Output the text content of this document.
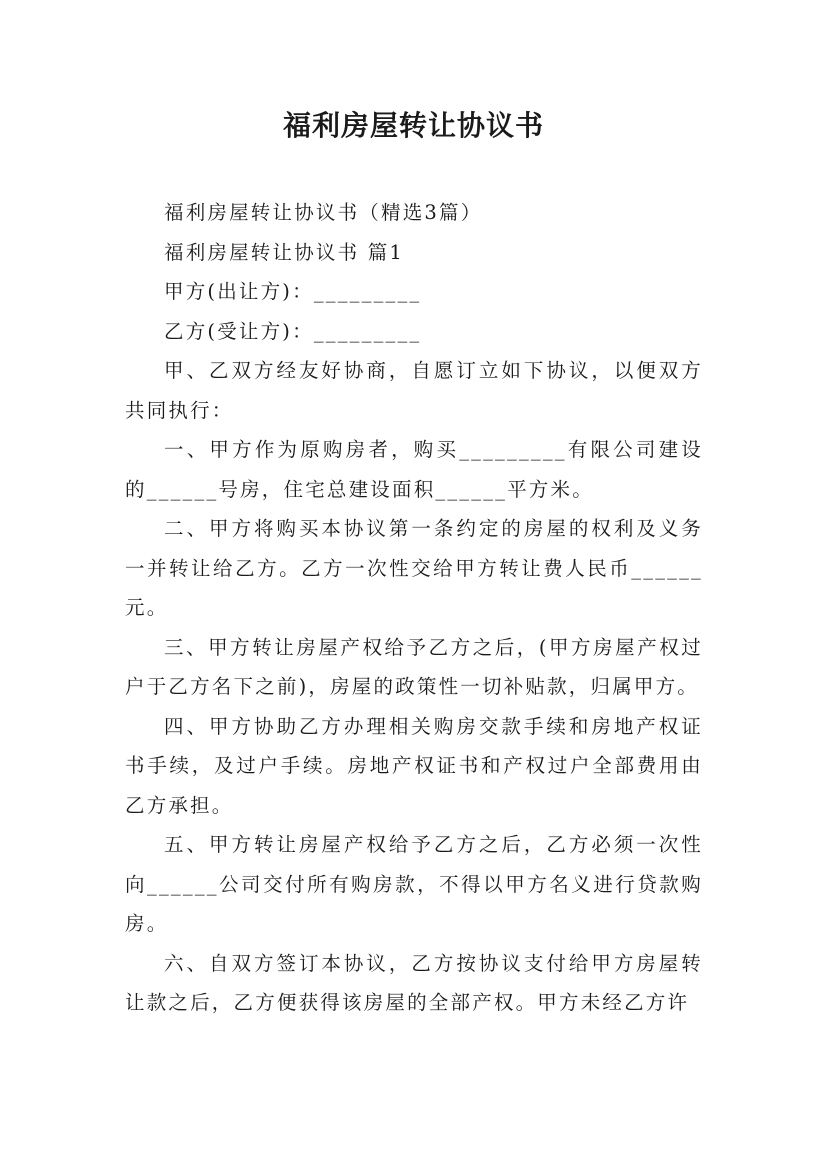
福利房屋转让协议书

福利房屋转让协议书（精选3篇）

福利房屋转让协议书 篇1

甲方(出让方)：_________

乙方(受让方)：_________

甲、乙双方经友好协商，自愿订立如下协议，以便双方共同执行：

一、甲方作为原购房者，购买_________有限公司建设的______号房，住宅总建设面积______平方米。

二、甲方将购买本协议第一条约定的房屋的权利及义务一并转让给乙方。乙方一次性交给甲方转让费人民币______元。

三、甲方转让房屋产权给予乙方之后，(甲方房屋产权过户于乙方名下之前)，房屋的政策性一切补贴款，归属甲方。

四、甲方协助乙方办理相关购房交款手续和房地产权证书手续，及过户手续。房地产权证书和产权过户全部费用由乙方承担。

五、甲方转让房屋产权给予乙方之后，乙方必须一次性向______公司交付所有购房款，不得以甲方名义进行贷款购房。

六、自双方签订本协议，乙方按协议支付给甲方房屋转让款之后，乙方便获得该房屋的全部产权。甲方未经乙方许
